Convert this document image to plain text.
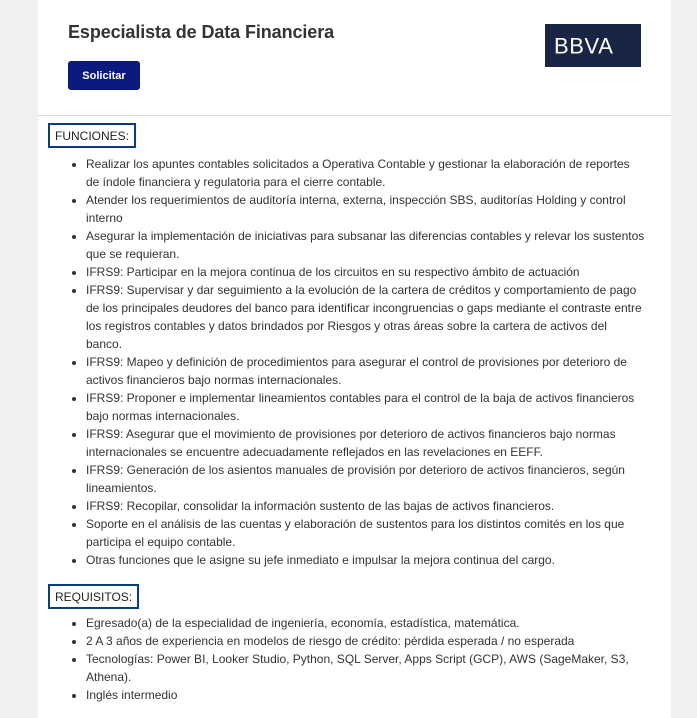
Especialista de Data Financiera
Solicitar
BBVA
FUNCIONES:
• Realizar los apuntes contables solicitados a Operativa Contable y gestionar la elaboración de reportes de índole financiera y regulatoria para el cierre contable.
• Atender los requerimientos de auditoría interna, externa, inspección SBS, auditorías Holding y control interno
• Asegurar la implementación de iniciativas para subsanar las diferencias contables y relevar los sustentos que se requieran.
• IFRS9: Participar en la mejora continua de los circuitos en su respectivo ámbito de actuación
• IFRS9: Supervisar y dar seguimiento a la evolución de la cartera de créditos y comportamiento de pago de los principales deudores del banco para identificar incongruencias o gaps mediante el contraste entre los registros contables y datos brindados por Riesgos y otras áreas sobre la cartera de activos del banco.
• IFRS9: Mapeo y definición de procedimientos para asegurar el control de provisiones por deterioro de activos financieros bajo normas internacionales.
• IFRS9: Proponer e implementar lineamientos contables para el control de la baja de activos financieros bajo normas internacionales.
• IFRS9: Asegurar que el movimiento de provisiones por deterioro de activos financieros bajo normas internacionales se encuentre adecuadamente reflejados en las revelaciones en EEFF.
• IFRS9: Generación de los asientos manuales de provisión por deterioro de activos financieros, según lineamientos.
• IFRS9: Recopilar, consolidar la información sustento de las bajas de activos financieros.
• Soporte en el análisis de las cuentas y elaboración de sustentos para los distintos comités en los que participa el equipo contable.
• Otras funciones que le asigne su jefe inmediato e impulsar la mejora continua del cargo.
REQUISITOS:
• Egresado(a) de la especialidad de ingeniería, economía, estadística, matemática.
• 2 A 3 años de experiencia en modelos de riesgo de crédito: pérdida esperada / no esperada
• Tecnologías: Power BI, Looker Studio, Python, SQL Server, Apps Script (GCP), AWS (SageMaker, S3, Athena).
• Inglés intermedio
